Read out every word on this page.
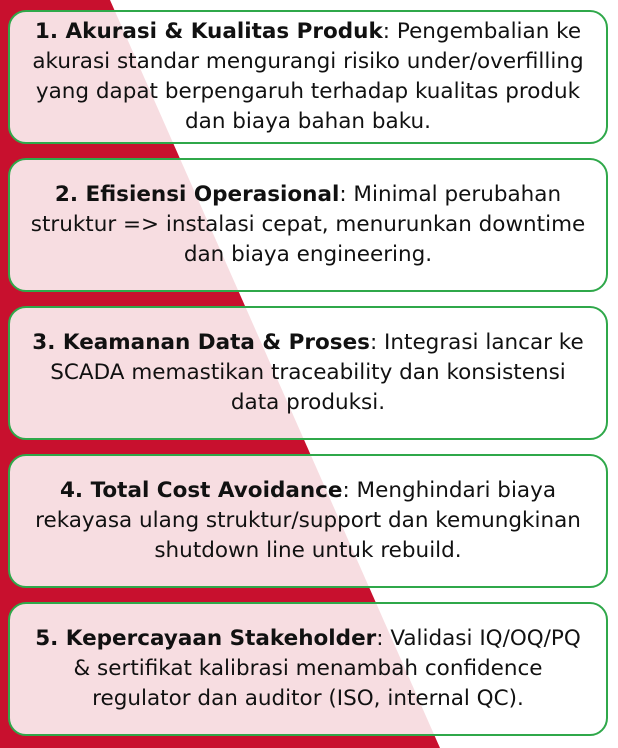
1. Akurasi & Kualitas Produk: Pengembalian ke akurasi standar mengurangi risiko under/overfilling yang dapat berpengaruh terhadap kualitas produk dan biaya bahan baku.
2. Efisiensi Operasional: Minimal perubahan struktur => instalasi cepat, menurunkan downtime dan biaya engineering.
3. Keamanan Data & Proses: Integrasi lancar ke SCADA memastikan traceability dan konsistensi data produksi.
4. Total Cost Avoidance: Menghindari biaya rekayasa ulang struktur/support dan kemungkinan shutdown line untuk rebuild.
5. Kepercayaan Stakeholder: Validasi IQ/OQ/PQ & sertifikat kalibrasi menambah confidence regulator dan auditor (ISO, internal QC).
